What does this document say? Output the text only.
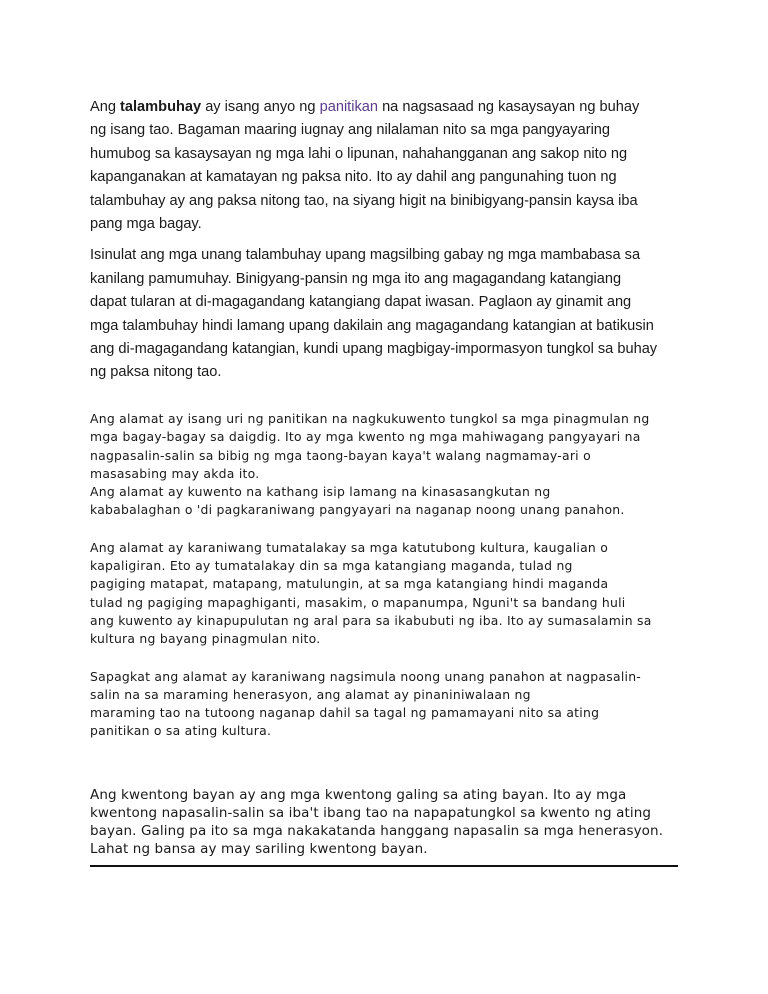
Ang talambuhay ay isang anyo ng panitikan na nagsasaad ng kasaysayan ng buhay
ng isang tao. Bagaman maaring iugnay ang nilalaman nito sa mga pangyayaring
humubog sa kasaysayan ng mga lahi o lipunan, nahahangganan ang sakop nito ng
kapanganakan at kamatayan ng paksa nito. Ito ay dahil ang pangunahing tuon ng
talambuhay ay ang paksa nitong tao, na siyang higit na binibigyang-pansin kaysa iba
pang mga bagay.

Isinulat ang mga unang talambuhay upang magsilbing gabay ng mga mambabasa sa
kanilang pamumuhay. Binigyang-pansin ng mga ito ang magagandang katangiang
dapat tularan at di-magagandang katangiang dapat iwasan. Paglaon ay ginamit ang
mga talambuhay hindi lamang upang dakilain ang magagandang katangian at batikusin
ang di-magagandang katangian, kundi upang magbigay-impormasyon tungkol sa buhay
ng paksa nitong tao.

Ang alamat ay isang uri ng panitikan na nagkukuwento tungkol sa mga pinagmulan ng
mga bagay-bagay sa daigdig. Ito ay mga kwento ng mga mahiwagang pangyayari na
nagpasalin-salin sa bibig ng mga taong-bayan kaya't walang nagmamay-ari o
masasabing may akda ito.
Ang alamat ay kuwento na kathang isip lamang na kinasasangkutan ng
kababalaghan o 'di pagkaraniwang pangyayari na naganap noong unang panahon.

Ang alamat ay karaniwang tumatalakay sa mga katutubong kultura, kaugalian o
kapaligiran. Eto ay tumatalakay din sa mga katangiang maganda, tulad ng
pagiging matapat, matapang, matulungin, at sa mga katangiang hindi maganda
tulad ng pagiging mapaghiganti, masakim, o mapanumpa, Nguni't sa bandang huli
ang kuwento ay kinapupulutan ng aral para sa ikabubuti ng iba. Ito ay sumasalamin sa
kultura ng bayang pinagmulan nito.

Sapagkat ang alamat ay karaniwang nagsimula noong unang panahon at nagpasalin-
salin na sa maraming henerasyon, ang alamat ay pinaniniwalaan ng
maraming tao na tutoong naganap dahil sa tagal ng pamamayani nito sa ating
panitikan o sa ating kultura.

Ang kwentong bayan ay ang mga kwentong galing sa ating bayan. Ito ay mga
kwentong napasalin-salin sa iba't ibang tao na napapatungkol sa kwento ng ating
bayan. Galing pa ito sa mga nakakatanda hanggang napasalin sa mga henerasyon.
Lahat ng bansa ay may sariling kwentong bayan.
